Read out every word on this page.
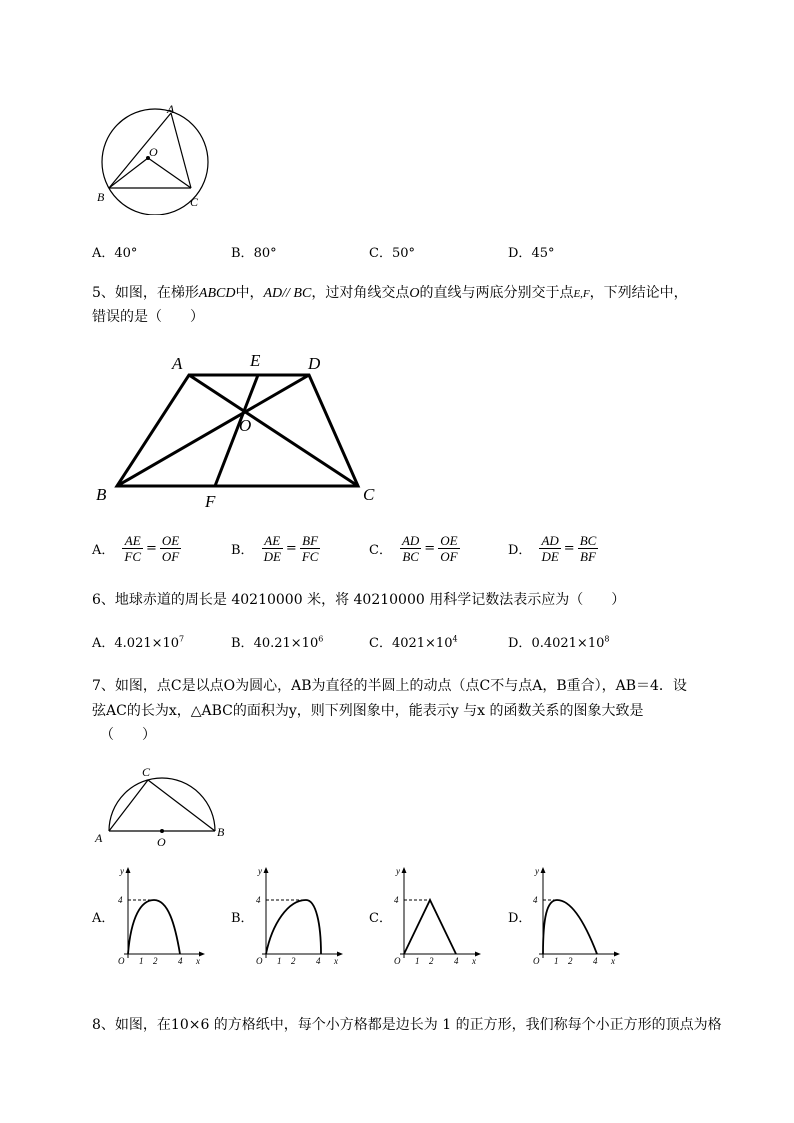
A
O
B	C
A．40°	B．80°	C．50°	D．45°
5、如图，在梯形ABCD中，AD// BC，过对角线交点O的直线与两底分别交于点E,F，下列结论中，
错误的是（　　）
A	E	D
O
B	F	C
A． $\frac{AE}{FC} = \frac{OE}{OF}$	B． $\frac{AE}{DE} = \frac{BF}{FC}$	C． $\frac{AD}{BC} = \frac{OE}{OF}$	D． $\frac{AD}{DE} = \frac{BC}{BF}$
6、地球赤道的周长是 40210000 米，将 40210000 用科学记数法表示应为（　　）
A．$4.021\times 10^7$	B．$40.21\times 10^6$	C．$4021\times 10^4$	D．$0.4021\times 10^8$
7、如图，点C是以点O为圆心，AB为直径的半圆上的动点（点C不与点A，B重合），AB＝4．设
弦AC的长为x，△ABC的面积为y，则下列图象中，能表示y 与x 的函数关系的图象大致是
（　　）
C
A	O
B
A．	B．	C．	D．
y
4
O 1 2 4 x
y
4
O 1 2 4 x
y
4
O 1 2 4 x
y
4
O 1 2 4 x
8、如图，在10×6 的方格纸中，每个小方格都是边长为 1 的正方形，我们称每个小正方形的顶点为格
